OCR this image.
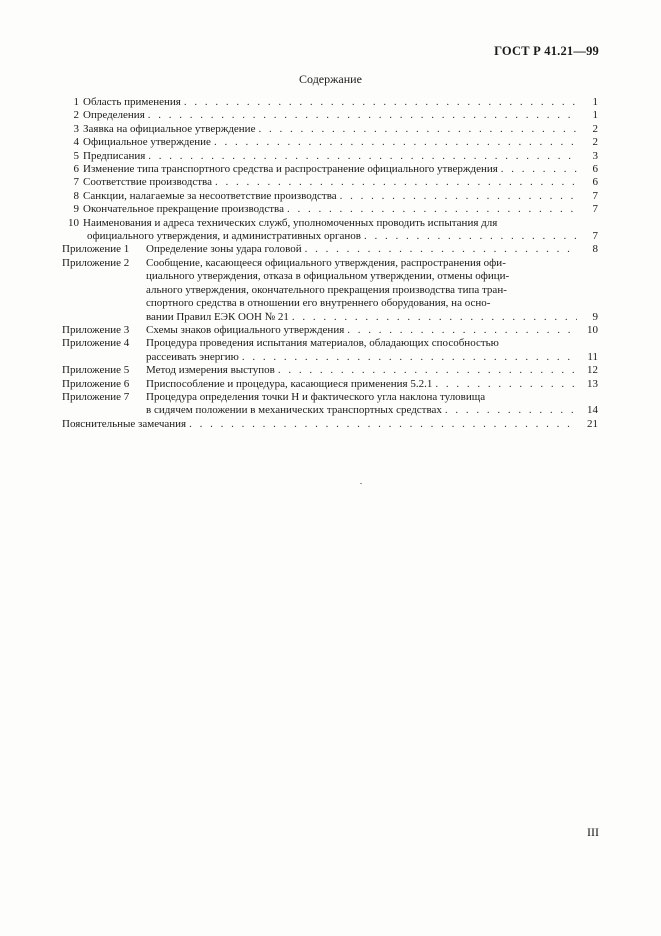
ГОСТ Р 41.21—99
Содержание
1 Область применения . . .	1
2 Определения . . .	1
3 Заявка на официальное утверждение . . .	2
4 Официальное утверждение . . .	2
5 Предписания . . .	3
6 Изменение типа транспортного средства и распространение официального утверждения . . .	6
7 Соответствие производства . . .	6
8 Санкции, налагаемые за несоответствие производства . . .	7
9 Окончательное прекращение производства . . .	7
10 Наименования и адреса технических служб, уполномоченных проводить испытания для
официального утверждения, и административных органов . . .	7
Приложение 1	Определение зоны удара головой . . .	8
Приложение 2	Сообщение, касающееся официального утверждения, распространения офи-
циального утверждения, отказа в официальном утверждении, отмены офици-
ального утверждения, окончательного прекращения производства типа тран-
спортного средства в отношении его внутреннего оборудования, на осно-
вании Правил ЕЭК ООН № 21 . . .	9
Приложение 3	Схемы знаков официального утверждения . . .	10
Приложение 4	Процедура проведения испытания материалов, обладающих способностью
рассеивать энергию . . .	11
Приложение 5	Метод измерения выступов . . .	12
Приложение 6	Приспособление и процедура, касающиеся применения 5.2.1 . . .	13
Приложение 7	Процедура определения точки H и фактического угла наклона туловища
в сидячем положении в механических транспортных средствах . . .	14
Пояснительные замечания . . .	21
III
